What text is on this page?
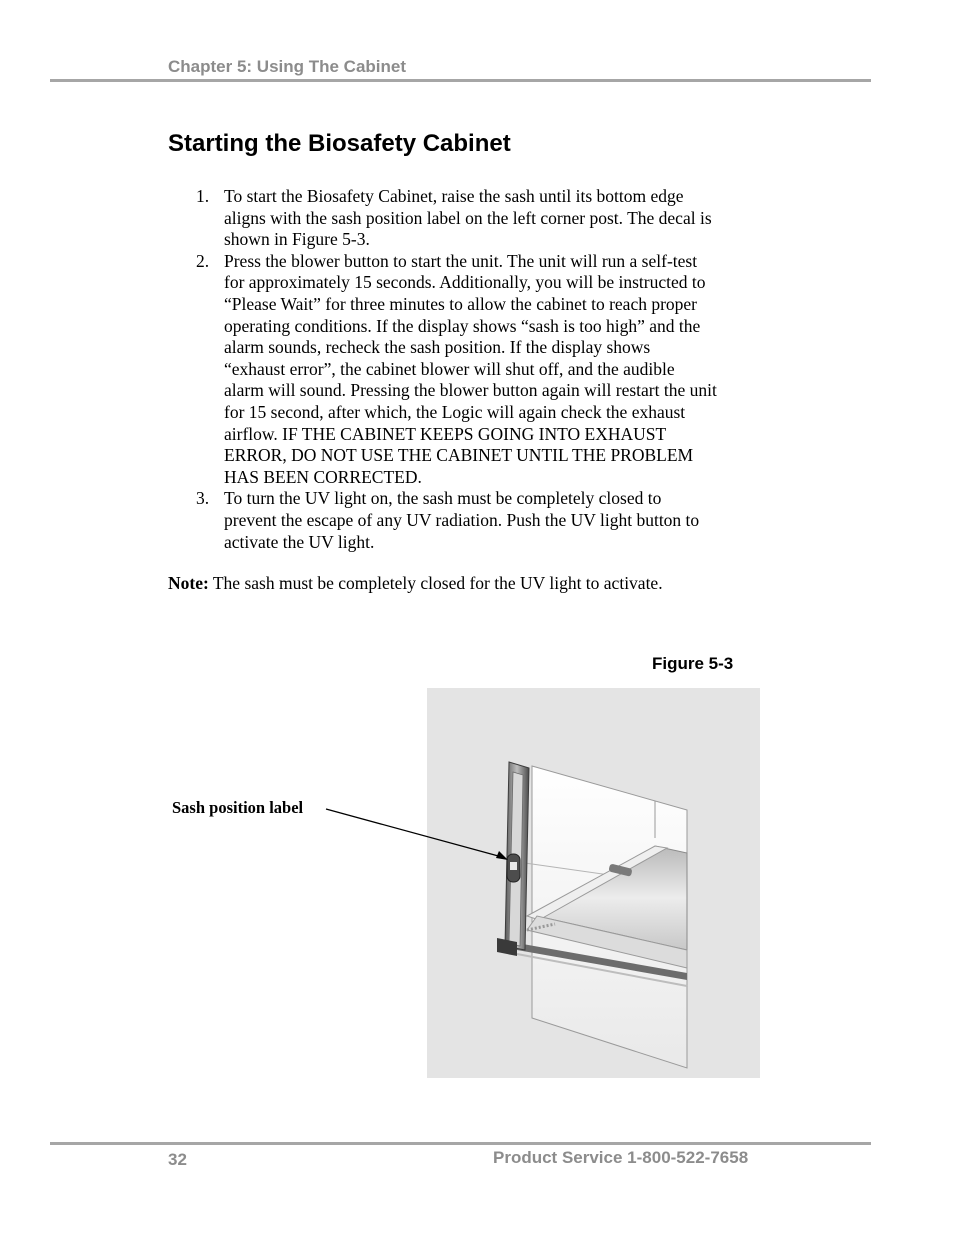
Chapter 5: Using The Cabinet
Starting the Biosafety Cabinet
1. To start the Biosafety Cabinet, raise the sash until its bottom edge
aligns with the sash position label on the left corner post. The decal is
shown in Figure 5-3.
2. Press the blower button to start the unit. The unit will run a self-test
for approximately 15 seconds. Additionally, you will be instructed to
“Please Wait” for three minutes to allow the cabinet to reach proper
operating conditions. If the display shows “sash is too high” and the
alarm sounds, recheck the sash position. If the display shows
“exhaust error”, the cabinet blower will shut off, and the audible
alarm will sound. Pressing the blower button again will restart the unit
for 15 second, after which, the Logic will again check the exhaust
airflow. IF THE CABINET KEEPS GOING INTO EXHAUST
ERROR, DO NOT USE THE CABINET UNTIL THE PROBLEM
HAS BEEN CORRECTED.
3. To turn the UV light on, the sash must be completely closed to
prevent the escape of any UV radiation. Push the UV light button to
activate the UV light.
Note: The sash must be completely closed for the UV light to activate.
Figure 5-3
Sash position label
32	Product Service 1-800-522-7658
